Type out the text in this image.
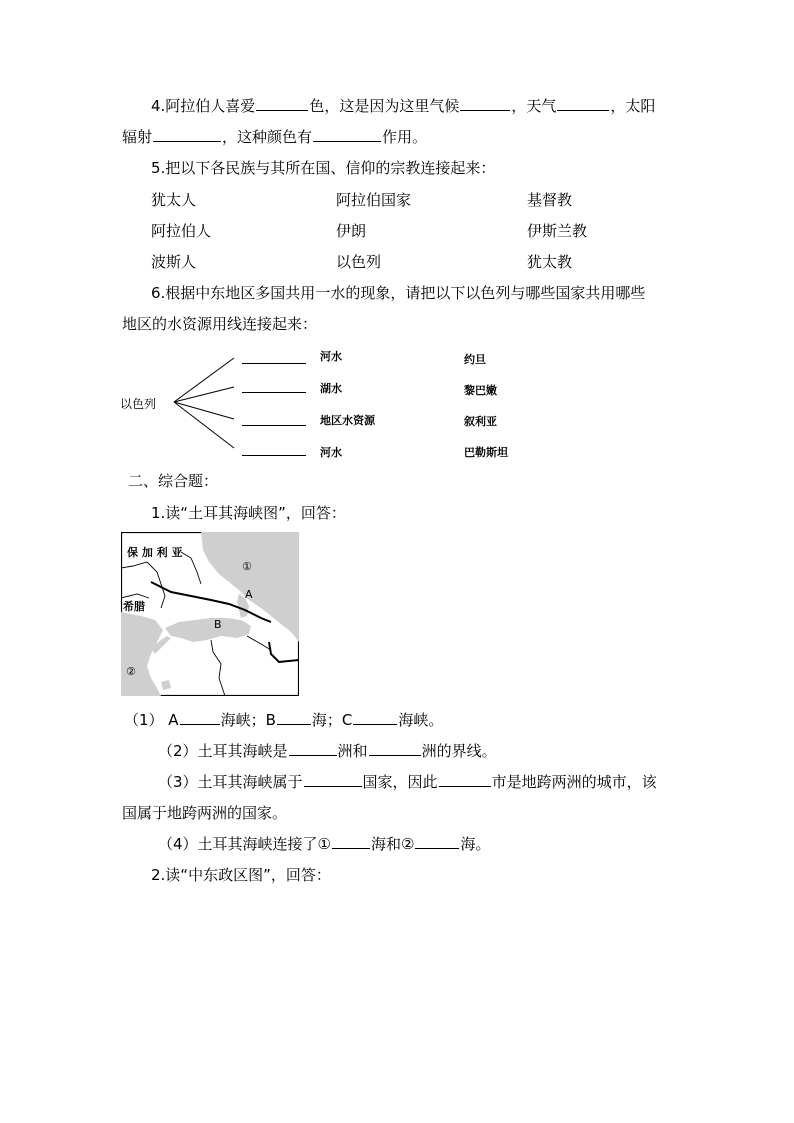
4.阿拉伯人喜爱	色，这是因为这里气候	，天气	，太阳
辐射	，这种颜色有	作用。
5.把以下各民族与其所在国、信仰的宗教连接起来：
犹太人	阿拉伯国家	基督教
阿拉伯人	伊朗	伊斯兰教
波斯人	以色列	犹太教
6.根据中东地区多国共用一水的现象，请把以下以色列与哪些国家共用哪些
地区的水资源用线连接起来：
以色列
河水
湖水
地区水资源
河水
约旦
黎巴嫩
叙利亚
巴勒斯坦
二、综合题：
1.读“土耳其海峡图”，回答：
保 加 利 亚
希腊
①
②
A
B
（1） A	海峡；B 海；C	海峡。
（2）土耳其海峡是	洲和	洲的界线。
（3）土耳其海峡属于	国家，因此	市是地跨两洲的城市，该
国属于地跨两洲的国家。
（4）土耳其海峡连接了①	海和②	海。
2.读“中东政区图”，回答：
